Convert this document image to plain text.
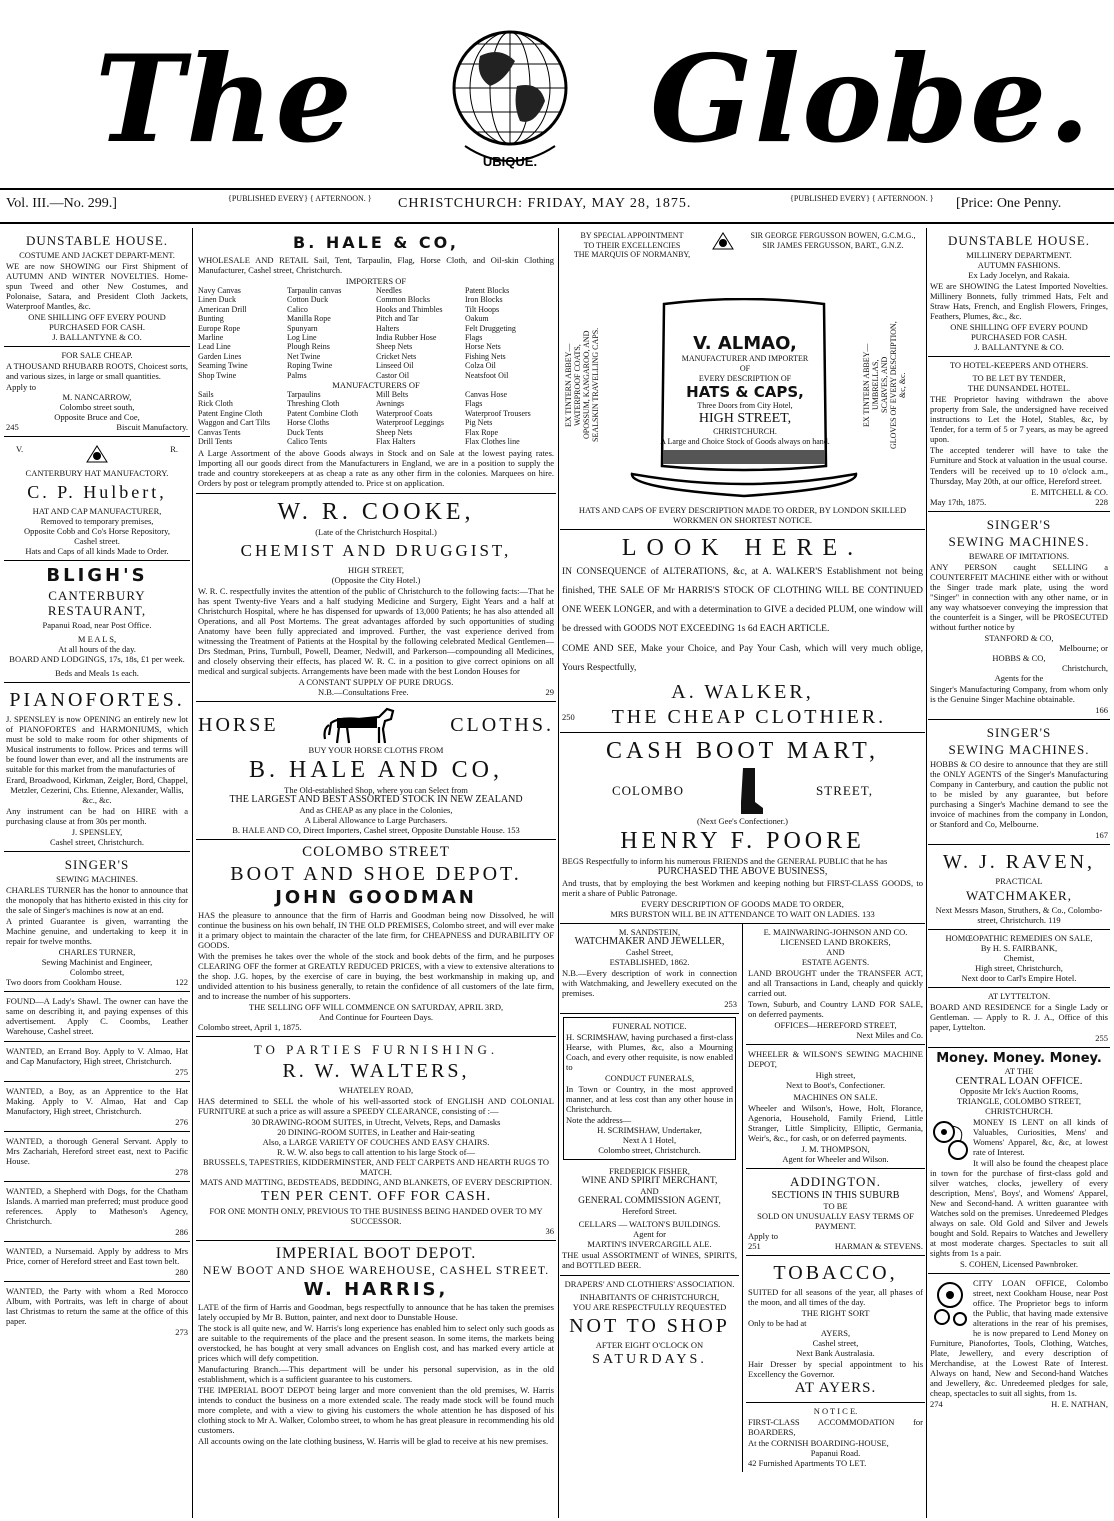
The	UBIQUE. Globe.
Vol. III.—No. 299.]	{PUBLISHED EVERY} { AFTERNOON. } CHRISTCHURCH: FRIDAY, MAY 28, 1875.	{PUBLISHED EVERY} { AFTERNOON. } [Price: One Penny.
DUNSTABLE HOUSE.
COSTUME AND JACKET DEPART-MENT.
WE are now SHOWING our First Shipment of AUTUMN AND WINTER NOVELTIES. Home-spun Tweed and other New Costumes, and Polonaise, Satara, and President Cloth Jackets, Waterproof Mantles, &c.
ONE SHILLING OFF EVERY POUND PURCHASED FOR CASH.
J. BALLANTYNE & CO.
FOR SALE CHEAP.
A THOUSAND RHUBARB ROOTS, Choicest sorts, and various sizes, in large or small quantities.
Apply to
M. NANCARROW,
Colombo street south,
Opposite Bruce and Coe,
245	Biscuit Manufactory.
V.	R.
CANTERBURY HAT MANUFACTORY.
C. P. Hulbert,
HAT AND CAP MANUFACTURER,
Removed to temporary premises,
Opposite Cobb and Co's Horse Repository,
Cashel street.
Hats and Caps of all kinds Made to Order.
BLIGH'S
CANTERBURY RESTAURANT,
Papanui Road, near Post Office.
M E A L S,
At all hours of the day.
BOARD AND LODGINGS, 17s, 18s, £1 per week.
Beds and Meals 1s each.
PIANOFORTES.
J. SPENSLEY is now OPENING an entirely new lot of PIANOFORTES and HARMONIUMS, which must be sold to make room for other shipments of Musical instruments to follow. Prices and terms will be found lower than ever, and all the instruments are suitable for this market from the manufacturies of
Erard, Broadwood, Kirkman, Zeigler, Bord, Chappel, Metzler, Cezerini, Chs. Etienne, Alexander, Wallis, &c., &c.
Any instrument can be had on HIRE with a purchasing clause at from 30s per month.
J. SPENSLEY,
Cashel street, Christchurch.
SINGER'S
SEWING MACHINES.
CHARLES TURNER has the honor to announce that the monopoly that has hitherto existed in this city for the sale of Singer's machines is now at an end.
A printed Guarantee is given, warranting the Machine genuine, and undertaking to keep it in repair for twelve months.
CHARLES TURNER,
Sewing Machinist and Engineer,
Colombo street,
Two doors from Cookham House.	122
FOUND—A Lady's Shawl. The owner can have the same on describing it, and paying expenses of this advertisement. Apply C. Coombs, Leather Warehouse, Cashel street.
WANTED, an Errand Boy. Apply to V. Almao, Hat and Cap Manufactory, High street, Christchurch.
275
WANTED, a Boy, as an Apprentice to the Hat Making. Apply to V. Almao, Hat and Cap Manufactory, High street, Christchurch.
276
WANTED, a thorough General Servant. Apply to Mrs Zachariah, Hereford street east, next to Pacific House.
278
WANTED, a Shepherd with Dogs, for the Chatham Islands. A married man preferred; must produce good references. Apply to Matheson's Agency, Christchurch.
286
WANTED, a Nursemaid. Apply by address to Mrs Price, corner of Hereford street and East town belt.
280
WANTED, the Party with whom a Red Morocco Album, with Portraits, was left in charge of about last Christmas to return the same at the office of this paper.
273
B. HALE & CO,
WHOLESALE AND RETAIL Sail, Tent, Tarpaulin, Flag, Horse Cloth, and Oil-skin Clothing Manufacturer, Cashel street, Christchurch.
IMPORTERS OF
Navy Canvas	Tarpaulin canvas	Needles	Patent Blocks
Linen Duck	Cotton Duck	Common Blocks	Iron Blocks
American Drill	Calico	Hooks and Thimbles	Tilt Hoops
Bunting	Manilla Rope	Pitch and Tar	Oakum
Europe Rope	Spunyarn	Halters	Felt Druggeting
Marline	Log Line	India Rubber Hose	Flags
Lead Line	Plough Reins	Sheep Nets	Horse Nets
Garden Lines	Net Twine	Cricket Nets	Fishing Nets
Seaming Twine	Roping Twine	Linseed Oil	Colza Oil
Shop Twine	Palms	Castor Oil	Neatsfoot Oil
MANUFACTURERS OF
Sails	Tarpaulins	Mill Belts	Canvas Hose
Rick Cloth	Threshing Cloth	Awnings	Flags
Patent Engine Cloth	Patent Combine Cloth	Waterproof Coats	Waterproof Trousers
Waggon and Cart Tilts	Horse Cloths	Waterproof Leggings	Pig Nets
Canvas Tents	Duck Tents	Sheep Nets	Flax Rope
Drill Tents	Calico Tents	Flax Halters	Flax Clothes line
A Large Assortment of the above Goods always in Stock and on Sale at the lowest paying rates. Importing all our goods direct from the Manufacturers in England, we are in a position to supply the trade and country storekeepers at as cheap a rate as any other firm in the colonies. Marquees on hire. Orders by post or telegram promptly attended to. Price st on application.
W. R. COOKE,
(Late of the Christchurch Hospital.)
CHEMIST AND DRUGGIST,
HIGH STREET,
(Opposite the City Hotel.)
W. R. C. respectfully invites the attention of the public of Christchurch to the following facts:—That he has spent Twenty-five Years and a half studying Medicine and Surgery, Eight Years and a half at Christchurch Hospital, where he has dispensed for upwards of 13,000 Patients; he has also attended all Operations, and all Post Mortems. The great advantages afforded by such opportunities of studing Anatomy have been fully appreciated and improved. Further, the vast experience derived from witnessing the Treatment of Patients at the Hospital by the following celebrated Medical Gentlemen—Drs Stedman, Prins, Turnbull, Powell, Deamer, Nedwill, and Parkerson—compounding all Medicines, and closely observing their effects, has placed W. R. C. in a position to give correct opinions on all medical and surgical subjects. Arrangements have been made with the best London Houses for
A CONSTANT SUPPLY OF PURE DRUGS.
N.B.—Consultations Free.	29
HORSE	CLOTHS.
BUY YOUR HORSE CLOTHS FROM
B. HALE AND CO,
The Old-established Shop, where you can Select from
THE LARGEST AND BEST ASSORTED STOCK IN NEW ZEALAND
And as CHEAP as any place in the Colonies,
A Liberal Allowance to Large Purchasers.
B. HALE AND CO, Direct Importers, Cashel street, Opposite Dunstable House. 153
COLOMBO STREET
BOOT AND SHOE DEPOT.
JOHN GOODMAN
HAS the pleasure to announce that the firm of Harris and Goodman being now Dissolved, he will continue the business on his own behalf, IN THE OLD PREMISES, Colombo street, and will ever make it a primary object to maintain the character of the late firm, for CHEAPNESS and DURABILITY OF GOODS.
With the premises he takes over the whole of the stock and book debts of the firm, and he purposes CLEARING OFF the former at GREATLY REDUCED PRICES, with a view to extensive alterations to the shop. J.G. hopes, by the exercise of care in buying, the best workmanship in making up, and undivided attention to his business generally, to retain the confidence of all customers of the late firm, and to increase the number of his supporters.
THE SELLING OFF WILL COMMENCE ON SATURDAY, APRIL 3RD,
And Continue for Fourteen Days.
Colombo street, April 1, 1875.
TO PARTIES FURNISHING.
R. W. WALTERS,
WHATELEY ROAD,
HAS determined to SELL the whole of his well-assorted stock of ENGLISH AND COLONIAL FURNITURE at such a price as will assure a SPEEDY CLEARANCE, consisting of :—
30 DRAWING-ROOM SUITES, in Utrecht, Velvets, Reps, and Damasks
20 DINING-ROOM SUITES, in Leather and Hair-seating
Also, a LARGE VARIETY OF COUCHES AND EASY CHAIRS.
R. W. W. also begs to call attention to his large Stock of—
BRUSSELS, TAPESTRIES, KIDDERMINSTER, AND FELT CARPETS AND HEARTH RUGS TO MATCH.
MATS AND MATTING, BEDSTEADS, BEDDING, AND BLANKETS, OF EVERY DESCRIPTION.
TEN PER CENT. OFF FOR CASH.
FOR ONE MONTH ONLY, PREVIOUS TO THE BUSINESS BEING HANDED OVER TO MY SUCCESSOR.
36
IMPERIAL BOOT DEPOT.
NEW BOOT AND SHOE WAREHOUSE, CASHEL STREET.
W. HARRIS,
LATE of the firm of Harris and Goodman, begs respectfully to announce that he has taken the premises lately occupied by Mr B. Button, painter, and next door to Dunstable House.
The stock is all quite new, and W. Harris's long experience has enabled him to select only such goods as are suitable to the requirements of the place and the present season. In some items, the markets being overstocked, he has bought at very small advances on English cost, and has marked every article at prices which will defy competition.
Manufacturing Branch.—This department will be under his personal supervision, as in the old establishment, which is a sufficient guarantee to his customers.
THE IMPERIAL BOOT DEPOT being larger and more convenient than the old premises, W. Harris intends to conduct the business on a more extended scale. The ready made stock will be found much more complete, and with a view to giving his customers the whole attention he has disposed of his clothing stock to Mr A. Walker, Colombo street, to whom he has great pleasure in recommending his old customers.
All accounts owing on the late clothing business, W. Harris will be glad to receive at his new premises.
BY SPECIAL APPOINTMENT
TO THEIR EXCELLENCIES
THE MARQUIS OF NORMANBY,
SIR GEORGE FERGUSSON BOWEN, G.C.M.G.,
SIR JAMES FERGUSSON, BART., G.N.Z.
EX TINTERN ABBEY— WATERPROOF COATS, OPOSSUM, KANGAROO, AND SEALSKIN TRAVELLING CAPS.	V. ALMAO,
MANUFACTURER AND IMPORTER
OF
EVERY DESCRIPTION OF
HATS & CAPS,
Three Doors from City Hotel,
HIGH STREET,
CHRISTCHURCH.
A Large and Choice Stock of Goods always on hand.
EX TINTERN ABBEY— UMBRELLAS, SCARVES, AND GLOVES OF EVERY DESCRIPTION, &c, &c.
HATS AND CAPS OF EVERY DESCRIPTION MADE TO ORDER, BY LONDON SKILLED WORKMEN ON SHORTEST NOTICE.
LOOK HERE.
IN CONSEQUENCE of ALTERATIONS, &c, at A. WALKER'S Establishment not being finished, THE SALE OF Mr HARRIS'S STOCK OF CLOTHING WILL BE CONTINUED ONE WEEK LONGER, and with a determination to GIVE a decided PLUM, one window will be dressed with GOODS NOT EXCEEDING 1s 6d EACH ARTICLE.
COME AND SEE, Make your Choice, and Pay Your Cash, which will very much oblige, Yours Respectfully,
A. WALKER,
250 THE CHEAP CLOTHIER.
CASH BOOT MART,
COLOMBO	STREET,
(Next Gee's Confectioner.)
HENRY F. POORE
BEGS Respectfully to inform his numerous FRIENDS and the GENERAL PUBLIC that he has
PURCHASED THE ABOVE BUSINESS,
And trusts, that by employing the best Workmen and keeping nothing but FIRST-CLASS GOODS, to merit a share of Public Patronage.
EVERY DESCRIPTION OF GOODS MADE TO ORDER,
MRS BURSTON WILL BE IN ATTENDANCE TO WAIT ON LADIES. 133
M. SANDSTEIN,
WATCHMAKER AND JEWELLER,
Cashel Street,
ESTABLISHED, 1862.
N.B.—Every description of work in connection with Watchmaking, and Jewellery executed on the premises.
253
FUNERAL NOTICE.
H. SCRIMSHAW, having purchased a first-class Hearse, with Plumes, &c, also a Mourning Coach, and every other requisite, is now enabled to
CONDUCT FUNERALS,
In Town or Country, in the most approved manner, and at less cost than any other house in Christchurch.
Note the address—
H. SCRIMSHAW, Undertaker,
Next A 1 Hotel,
Colombo street, Christchurch.
FREDERICK FISHER,
WINE AND SPIRIT MERCHANT,
AND
GENERAL COMMISSION AGENT,
Hereford Street.
CELLARS — WALTON'S BUILDINGS.
Agent for
MARTIN'S INVERCARGILL ALE.
THE usual ASSORTMENT of WINES, SPIRITS, and BOTTLED BEER.
DRAPERS' AND CLOTHIERS' ASSOCIATION.
INHABITANTS OF CHRISTCHURCH,
YOU ARE RESPECTFULLY REQUESTED
NOT TO SHOP
AFTER EIGHT O'CLOCK ON
SATURDAYS.
E. MAINWARING-JOHNSON AND CO.
LICENSED LAND BROKERS,
AND
ESTATE AGENTS.
LAND BROUGHT under the TRANSFER ACT, and all Transactions in Land, cheaply and quickly carried out.
Town, Suburb, and Country LAND FOR SALE, on deferred payments.
OFFICES—HEREFORD STREET,
Next Miles and Co.
WHEELER & WILSON'S SEWING MACHINE DEPOT,
High street,
Next to Boot's, Confectioner.
MACHINES ON SALE.
Wheeler and Wilson's, Howe, Holt, Florance, Agenoria, Household, Family Friend, Little Stranger, Little Simplicity, Elliptic, Germania, Weir's, &c., for cash, or on deferred payments.
J. M. THOMPSON,
Agent for Wheeler and Wilson.
ADDINGTON.
SECTIONS IN THIS SUBURB
TO BE
SOLD ON UNUSUALLY EASY TERMS OF PAYMENT.
Apply to
251	HARMAN & STEVENS.
TOBACCO,
SUITED for all seasons of the year, all phases of the moon, and all times of the day.
THE RIGHT SORT
Only to be had at
AYERS,
Cashel street,
Next Bank Australasia.
Hair Dresser by special appointment to his Excellency the Governor.
AT AYERS.
N O T I C E.
FIRST-CLASS ACCOMMODATION for BOARDERS,
At the CORNISH BOARDING-HOUSE,
Papanui Road.
42 Furnished Apartments TO LET.
DUNSTABLE HOUSE.
MILLINERY DEPARTMENT.
AUTUMN FASHIONS.
Ex Lady Jocelyn, and Rakaia.
WE are SHOWING the Latest Imported Novelties. Millinery Bonnets, fully trimmed Hats, Felt and Straw Hats, French, and English Flowers, Fringes, Feathers, Plumes, &c., &c.
ONE SHILLING OFF EVERY POUND PURCHASED FOR CASH.
J. BALLANTYNE & CO.
TO HOTEL-KEEPERS AND OTHERS.
TO BE LET BY TENDER,
THE DUNSANDEL HOTEL.
THE Proprietor having withdrawn the above property from Sale, the undersigned have received instructions to Let the Hotel, Stables, &c, by Tender, for a term of 5 or 7 years, as may be agreed upon.
The accepted tenderer will have to take the Furniture and Stock at valuation in the usual course.
Tenders will be received up to 10 o'clock a.m., Thursday, May 20th, at our office, Hereford street.
E. MITCHELL & CO.
May 17th, 1875.	228
SINGER'S
SEWING MACHINES.
BEWARE OF IMITATIONS.
ANY PERSON caught SELLING a COUNTERFEIT MACHINE either with or without the Singer trade mark plate, using the word "Singer" in connection with any other name, or in any way whatsoever conveying the impression that the counterfeit is a Singer, will be PROSECUTED without further notice by
STANFORD & CO,
Melbourne; or
HOBBS & CO,
Christchurch,
Agents for the
Singer's Manufacturing Company, from whom only is the Genuine Singer Machine obtainable.
166
SINGER'S
SEWING MACHINES.
HOBBS & CO desire to announce that they are still the ONLY AGENTS of the Singer's Manufacturing Company in Canterbury, and caution the public not to be misled by any guarantee, but before purchasing a Singer's Machine demand to see the invoice of machines from the company in London, or Stanford and Co, Melbourne.
167
W. J. RAVEN,
PRACTICAL
WATCHMAKER,
Next Messrs Mason, Struthers, & Co., Colombo-street, Christchurch. 119
HOMŒOPATHIC REMEDIES ON SALE,
By H. S. FAIRBANK,
Chemist,
High street, Christchurch,
Next door to Carl's Empire Hotel.
AT LYTTELTON.
BOARD AND RESIDENCE for a Single Lady or Gentleman. — Apply to R. J. A., Office of this paper, Lyttelton.
255
Money. Money. Money.
AT THE
CENTRAL LOAN OFFICE.
Opposite Mr Ick's Auction Rooms,
TRIANGLE, COLOMBO STREET,
CHRISTCHURCH.
MONEY IS LENT on all kinds of Valuables, Curiosities, Mens' and Womens' Apparel, &c, &c, at lowest rate of Interest.
It will also be found the cheapest place in town for the purchase of first-class gold and silver watches, clocks, jewellery of every description, Mens', Boys', and Womens' Apparel, New and Second-hand. A written guarantee with Watches sold on the premises. Unredeemed Pledges always on sale. Old Gold and Silver and Jewels bought and Sold. Repairs to Watches and Jewellery at most moderate charges. Spectacles to suit all sights from 1s a pair.
S. COHEN, Licensed Pawnbroker.
CITY LOAN OFFICE, Colombo street, next Cookham House, near Post office. The Proprietor begs to inform the Public, that having made extensive alterations in the rear of his premises, he is now prepared to Lend Money on Furniture, Pianofortes, Tools, Clothing, Watches, Plate, Jewellery, and every description of Merchandise, at the Lowest Rate of Interest. Always on hand, New and Second-hand Watches and Jewellery, &c. Unredeemed pledges for sale, cheap, spectacles to suit all sights, from 1s.
274	H. E. NATHAN,
